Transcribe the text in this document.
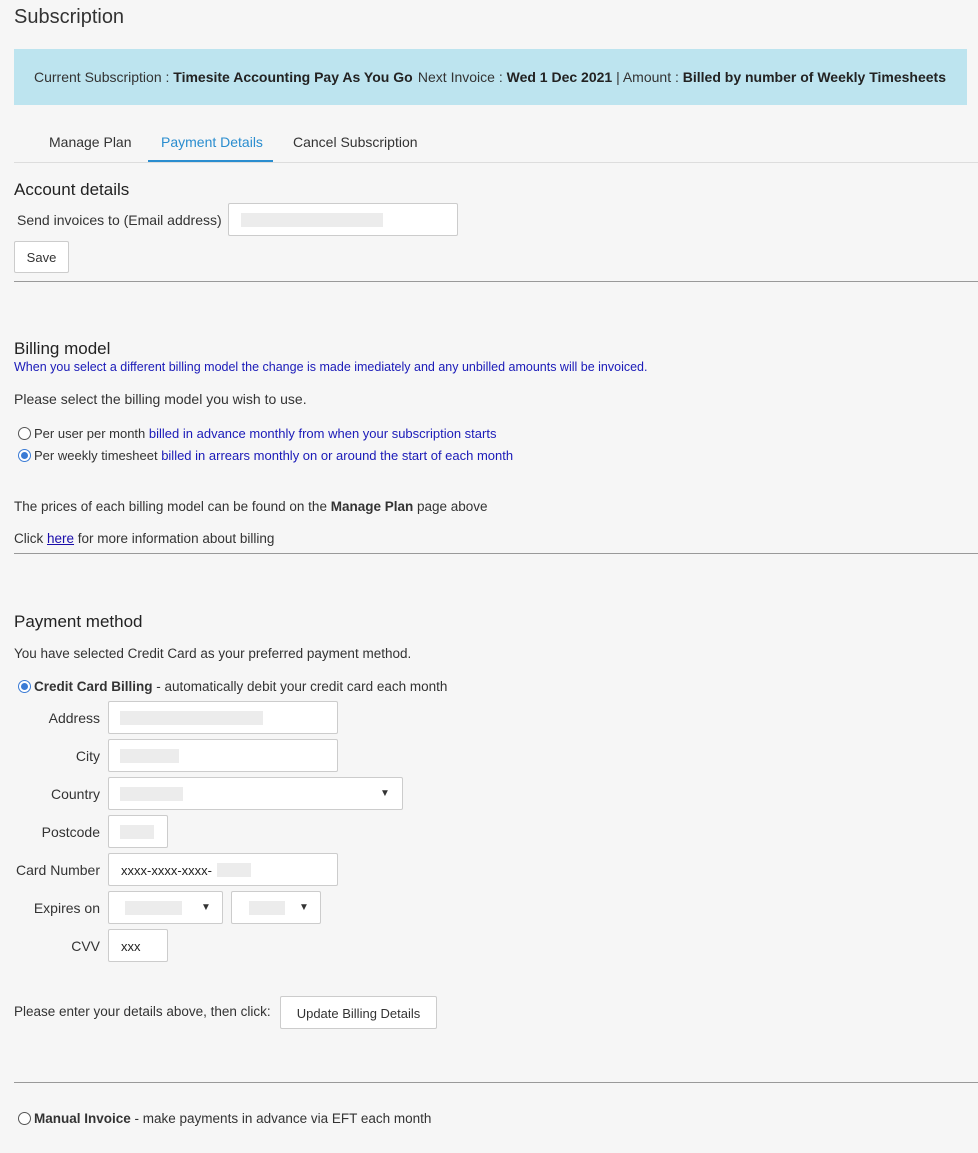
Subscription
Current Subscription : Timesite Accounting Pay As You Go Next Invoice : Wed 1 Dec 2021 | Amount : Billed by number of Weekly Timesheets
Manage Plan Payment Details Cancel Subscription
Account details
Send invoices to (Email address)
Save
Billing model
When you select a different billing model the change is made imediately and any unbilled amounts will be invoiced.
Please select the billing model you wish to use.
Per user per month billed in advance monthly from when your subscription starts
Per weekly timesheet billed in arrears monthly on or around the start of each month
The prices of each billing model can be found on the Manage Plan page above
Click here for more information about billing
Payment method
You have selected Credit Card as your preferred payment method.
Credit Card Billing - automatically debit your credit card each month
Address
City
Country	▼
Postcode
Card Number xxxx-xxxx-xxxx-
Expires on	▼	▼
CVV xxx
Please enter your details above, then click:	Update Billing Details
Manual Invoice - make payments in advance via EFT each month
